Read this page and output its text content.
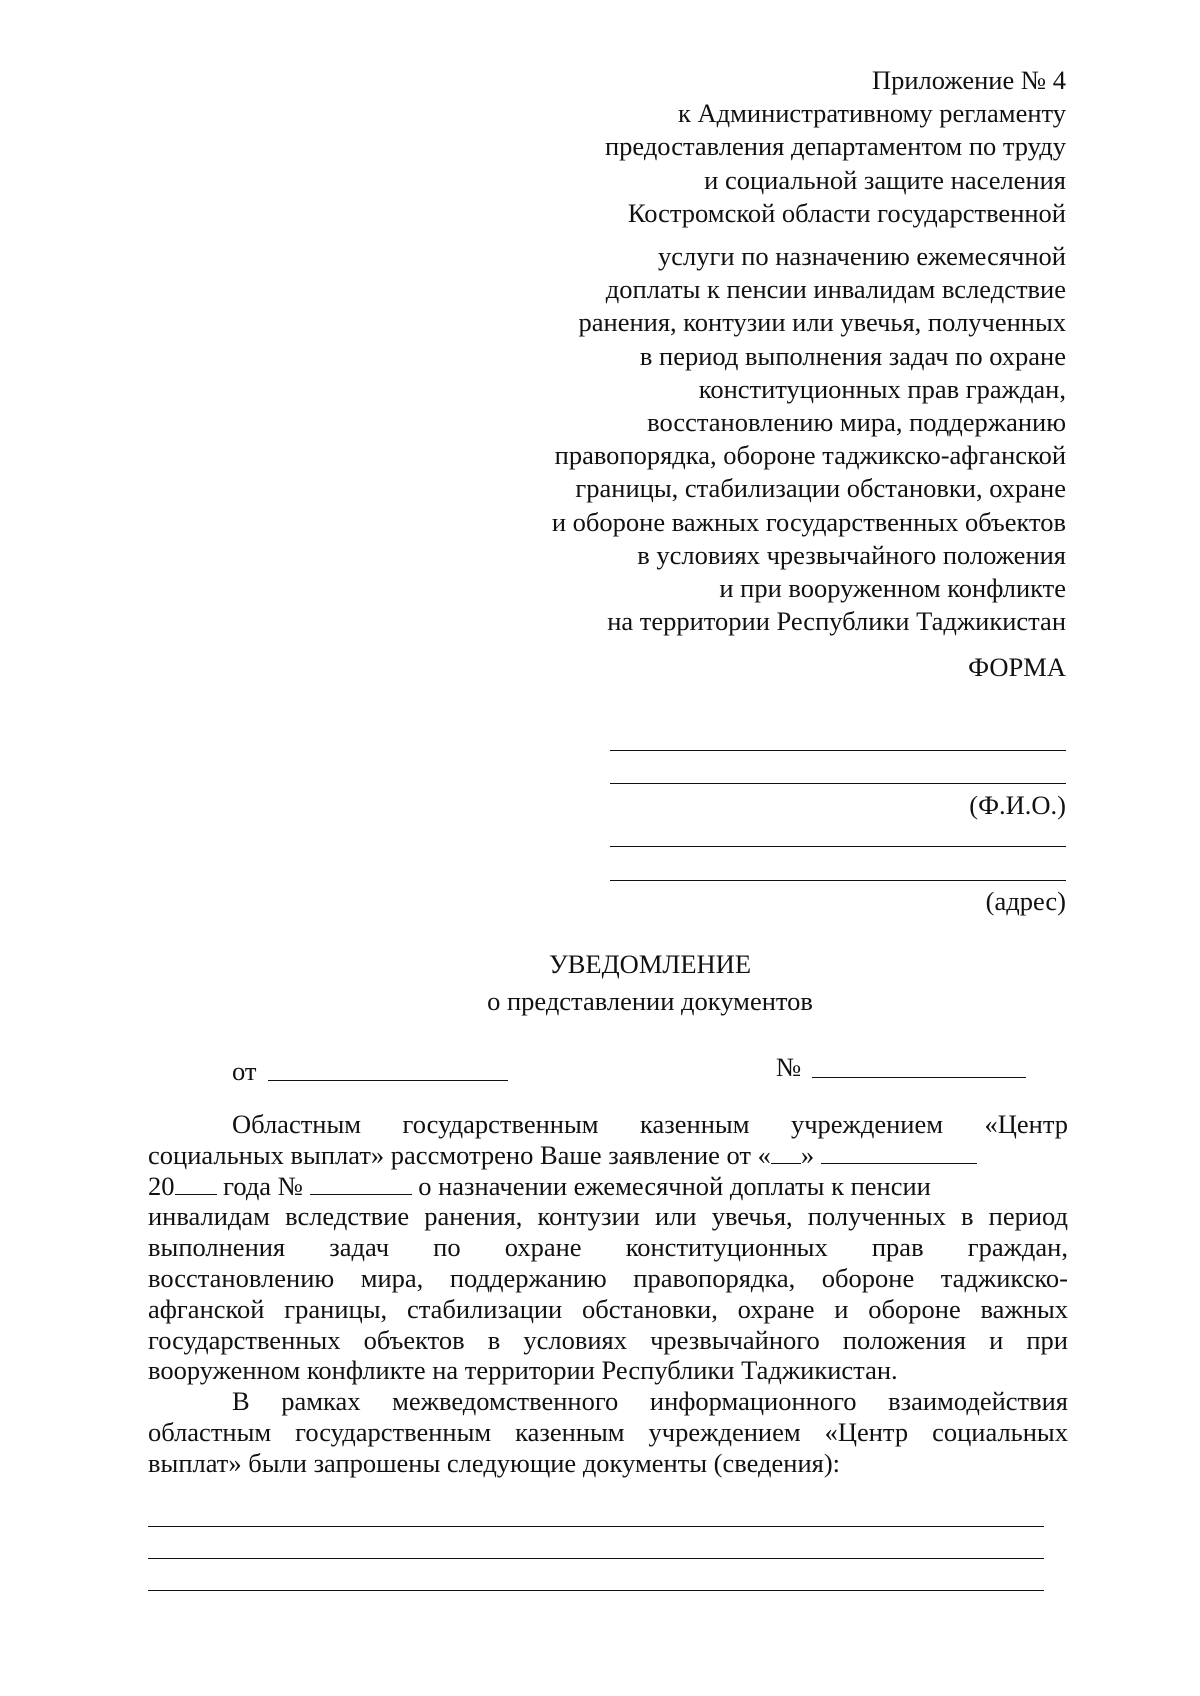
Приложение № 4
к Административному регламенту
предоставления департаментом по труду
и социальной защите населения
Костромской области государственной
услуги по назначению ежемесячной
доплаты к пенсии инвалидам вследствие
ранения, контузии или увечья, полученных
в период выполнения задач по охране
конституционных прав граждан,
восстановлению мира, поддержанию
правопорядка, обороне таджикско-афганской
границы, стабилизации обстановки, охране
и обороне важных государственных объектов
в условиях чрезвычайного положения
и при вооруженном конфликте
на территории Республики Таджикистан
ФОРМА
(Ф.И.О.)
(адрес)
УВЕДОМЛЕНИЕ
о представлении документов
от	№
Областным государственным казенным учреждением «Центр
социальных выплат» рассмотрено Ваше заявление от « »
20 года №	о назначении ежемесячной доплаты к пенсии
инвалидам вследствие ранения, контузии или увечья, полученных в период
выполнения задач по охране конституционных прав граждан,
восстановлению мира, поддержанию правопорядка, обороне таджикско-
афганской границы, стабилизации обстановки, охране и обороне важных
государственных объектов в условиях чрезвычайного положения и при
вооруженном конфликте на территории Республики Таджикистан.
В рамках межведомственного информационного взаимодействия
областным государственным казенным учреждением «Центр социальных
выплат» были запрошены следующие документы (сведения):
